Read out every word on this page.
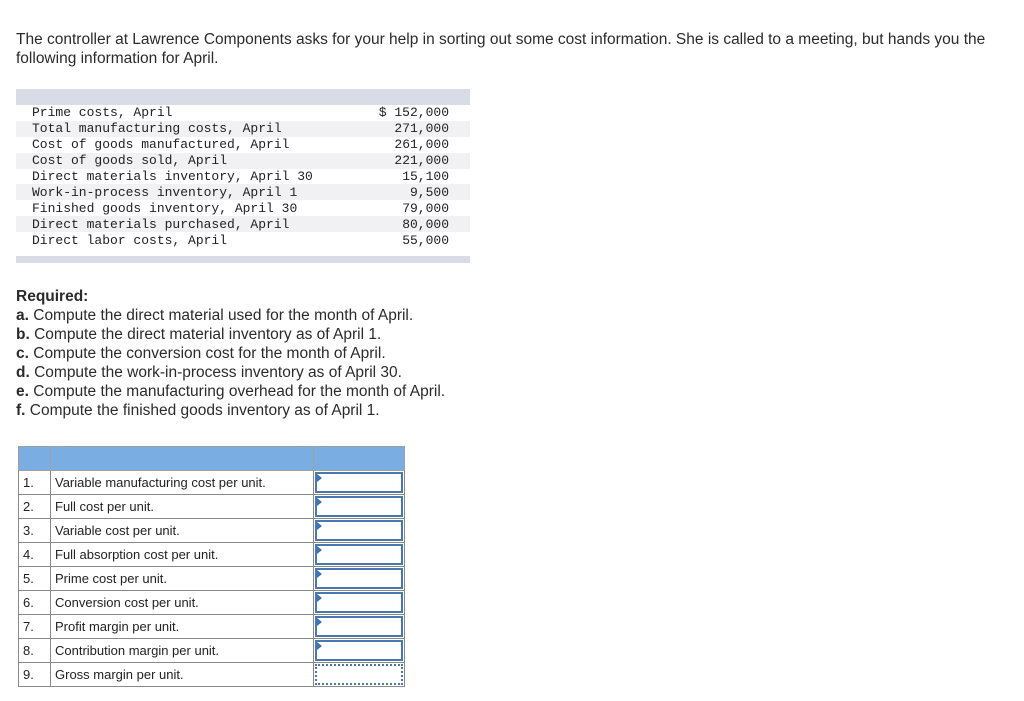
The controller at Lawrence Components asks for your help in sorting out some cost information. She is called to a meeting, but hands you the following information for April.

Prime costs, April	$ 152,000
Total manufacturing costs, April	271,000
Cost of goods manufactured, April	261,000
Cost of goods sold, April	221,000
Direct materials inventory, April 30	15,100
Work-in-process inventory, April 1	9,500
Finished goods inventory, April 30	79,000
Direct materials purchased, April	80,000
Direct labor costs, April	55,000
Required:
a. Compute the direct material used for the month of April.
b. Compute the direct material inventory as of April 1.
c. Compute the conversion cost for the month of April.
d. Compute the work-in-process inventory as of April 30.
e. Compute the manufacturing overhead for the month of April.
f. Compute the finished goods inventory as of April 1.

1.	Variable manufacturing cost per unit.	

2.	Full cost per unit.	

3.	Variable cost per unit.	

4.	Full absorption cost per unit.	

5.	Prime cost per unit.	

6.	Conversion cost per unit.	

7.	Profit margin per unit.	

8.	Contribution margin per unit.	

9.	Gross margin per unit.	
